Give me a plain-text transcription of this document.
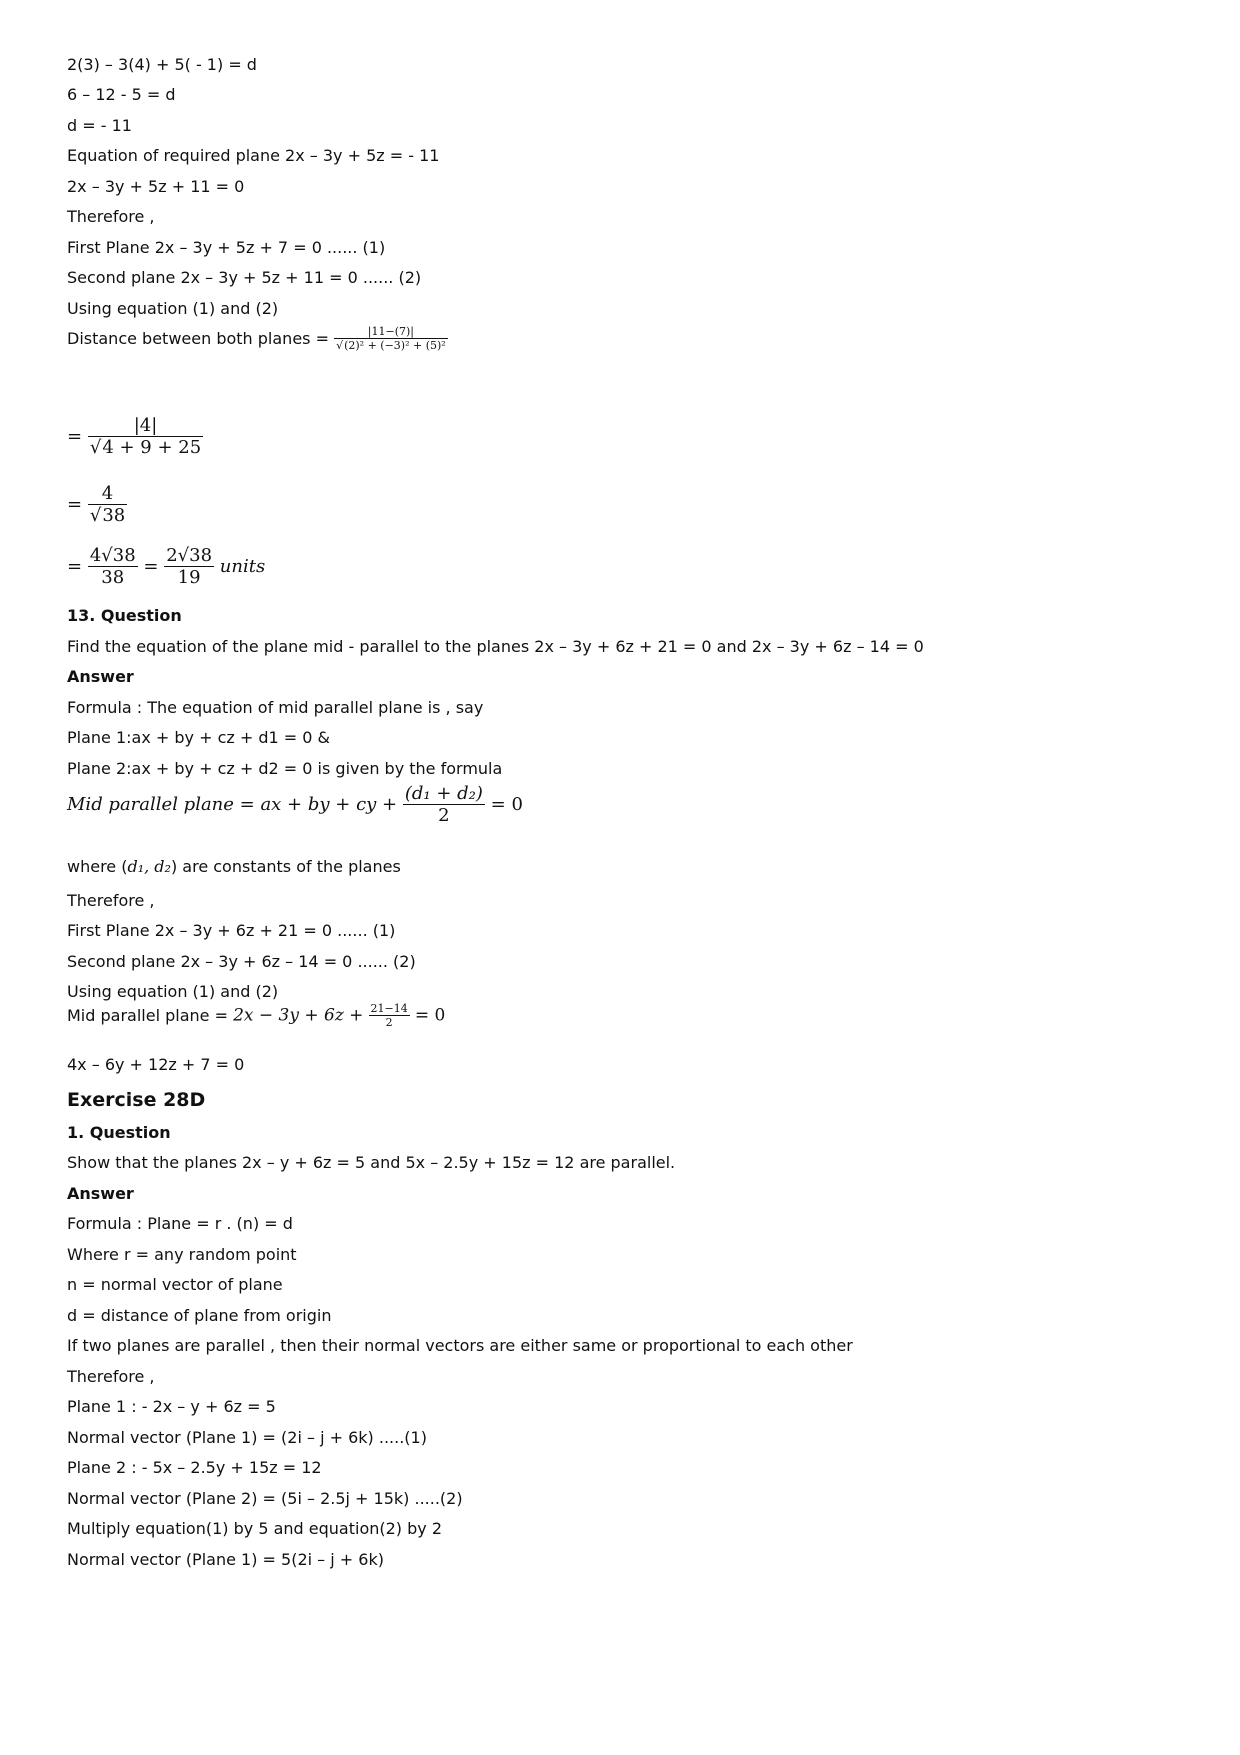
2(3) – 3(4) + 5( - 1) = d
6 – 12 - 5 = d
d = - 11
Equation of required plane 2x – 3y + 5z = - 11
2x – 3y + 5z + 11 = 0
Therefore ,
First Plane 2x – 3y + 5z + 7 = 0 ...... (1)
Second plane 2x – 3y + 5z + 11 = 0 ...... (2)
Using equation (1) and (2)
Distance between both planes = $\frac{|11-(7)|}{\text{√(2)² + (−3)² + (5)²}}$
= $\frac{|4|}{√4 + 9 + 25}$
= $\frac{4}{√38}$
= $\frac{4√38}{38} = \frac{2√38}{19}$ units
13. Question
Find the equation of the plane mid - parallel to the planes 2x – 3y + 6z + 21 = 0 and 2x – 3y + 6z – 14 = 0
Answer
Formula : The equation of mid parallel plane is , say
Plane 1:ax + by + cz + d1 = 0 &
Plane 2:ax + by + cz + d2 = 0 is given by the formula
Mid parallel plane = ax + by + cy + $\frac{\text{(d₁ + d₂)}}{2} = 0$
where (d₁, d₂) are constants of the planes
Therefore ,
First Plane 2x – 3y + 6z + 21 = 0 ...... (1)
Second plane 2x – 3y + 6z – 14 = 0 ...... (2)
Using equation (1) and (2)
Mid parallel plane = $2x - 3y + 6z + \frac{21-14}{2} = 0$
4x – 6y + 12z + 7 = 0
Exercise 28D
1. Question
Show that the planes 2x – y + 6z = 5 and 5x – 2.5y + 15z = 12 are parallel.
Answer
Formula : Plane = r . (n) = d
Where r = any random point
n = normal vector of plane
d = distance of plane from origin
If two planes are parallel , then their normal vectors are either same or proportional to each other
Therefore ,
Plane 1 : - 2x – y + 6z = 5
Normal vector (Plane 1) = (2i – j + 6k) .....(1)
Plane 2 : - 5x – 2.5y + 15z = 12
Normal vector (Plane 2) = (5i – 2.5j + 15k) .....(2)
Multiply equation(1) by 5 and equation(2) by 2
Normal vector (Plane 1) = 5(2i – j + 6k)
